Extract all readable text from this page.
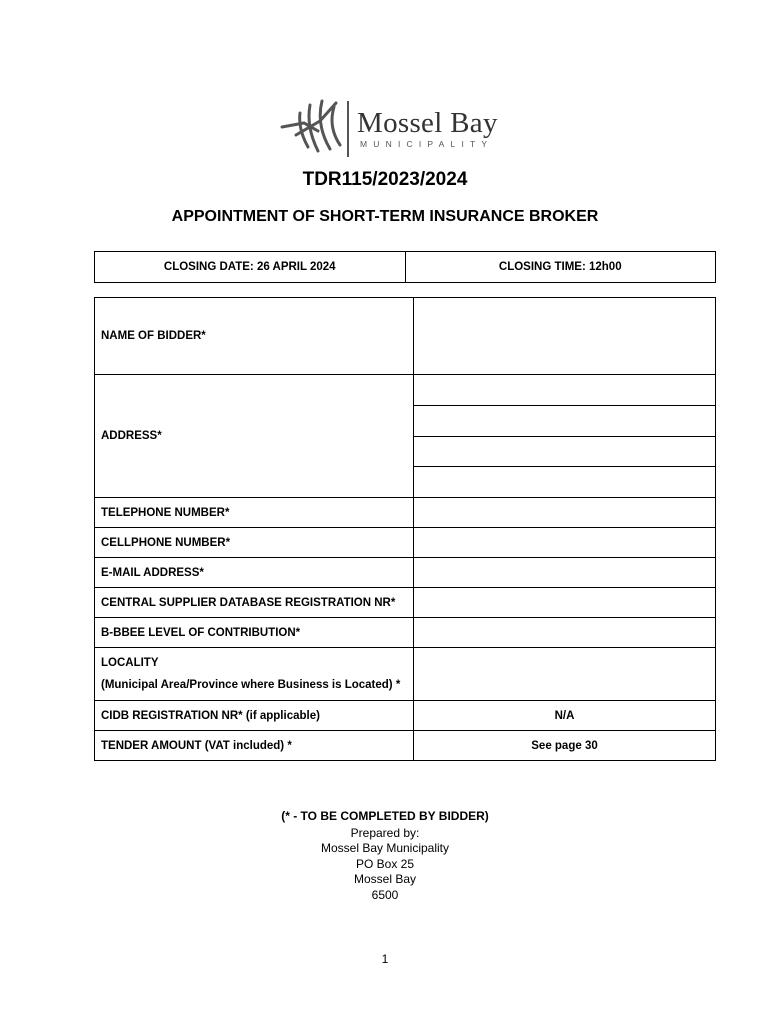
Mossel Bay
MUNICIPALITY
TDR115/2023/2024
APPOINTMENT OF SHORT-TERM INSURANCE BROKER
CLOSING DATE: 26 APRIL 2024	CLOSING TIME: 12h00
NAME OF BIDDER*	
ADDRESS*	

TELEPHONE NUMBER*	
CELLPHONE NUMBER*	
E-MAIL ADDRESS*	
CENTRAL SUPPLIER DATABASE REGISTRATION NR*	
B-BBEE LEVEL OF CONTRIBUTION*	
LOCALITY
(Municipal Area/Province where Business is Located) *	

CIDB REGISTRATION NR* (if applicable)	N/A
TENDER AMOUNT (VAT included) *	See page 30
(* - TO BE COMPLETED BY BIDDER)
Prepared by:
Mossel Bay Municipality
PO Box 25
Mossel Bay
6500
1
